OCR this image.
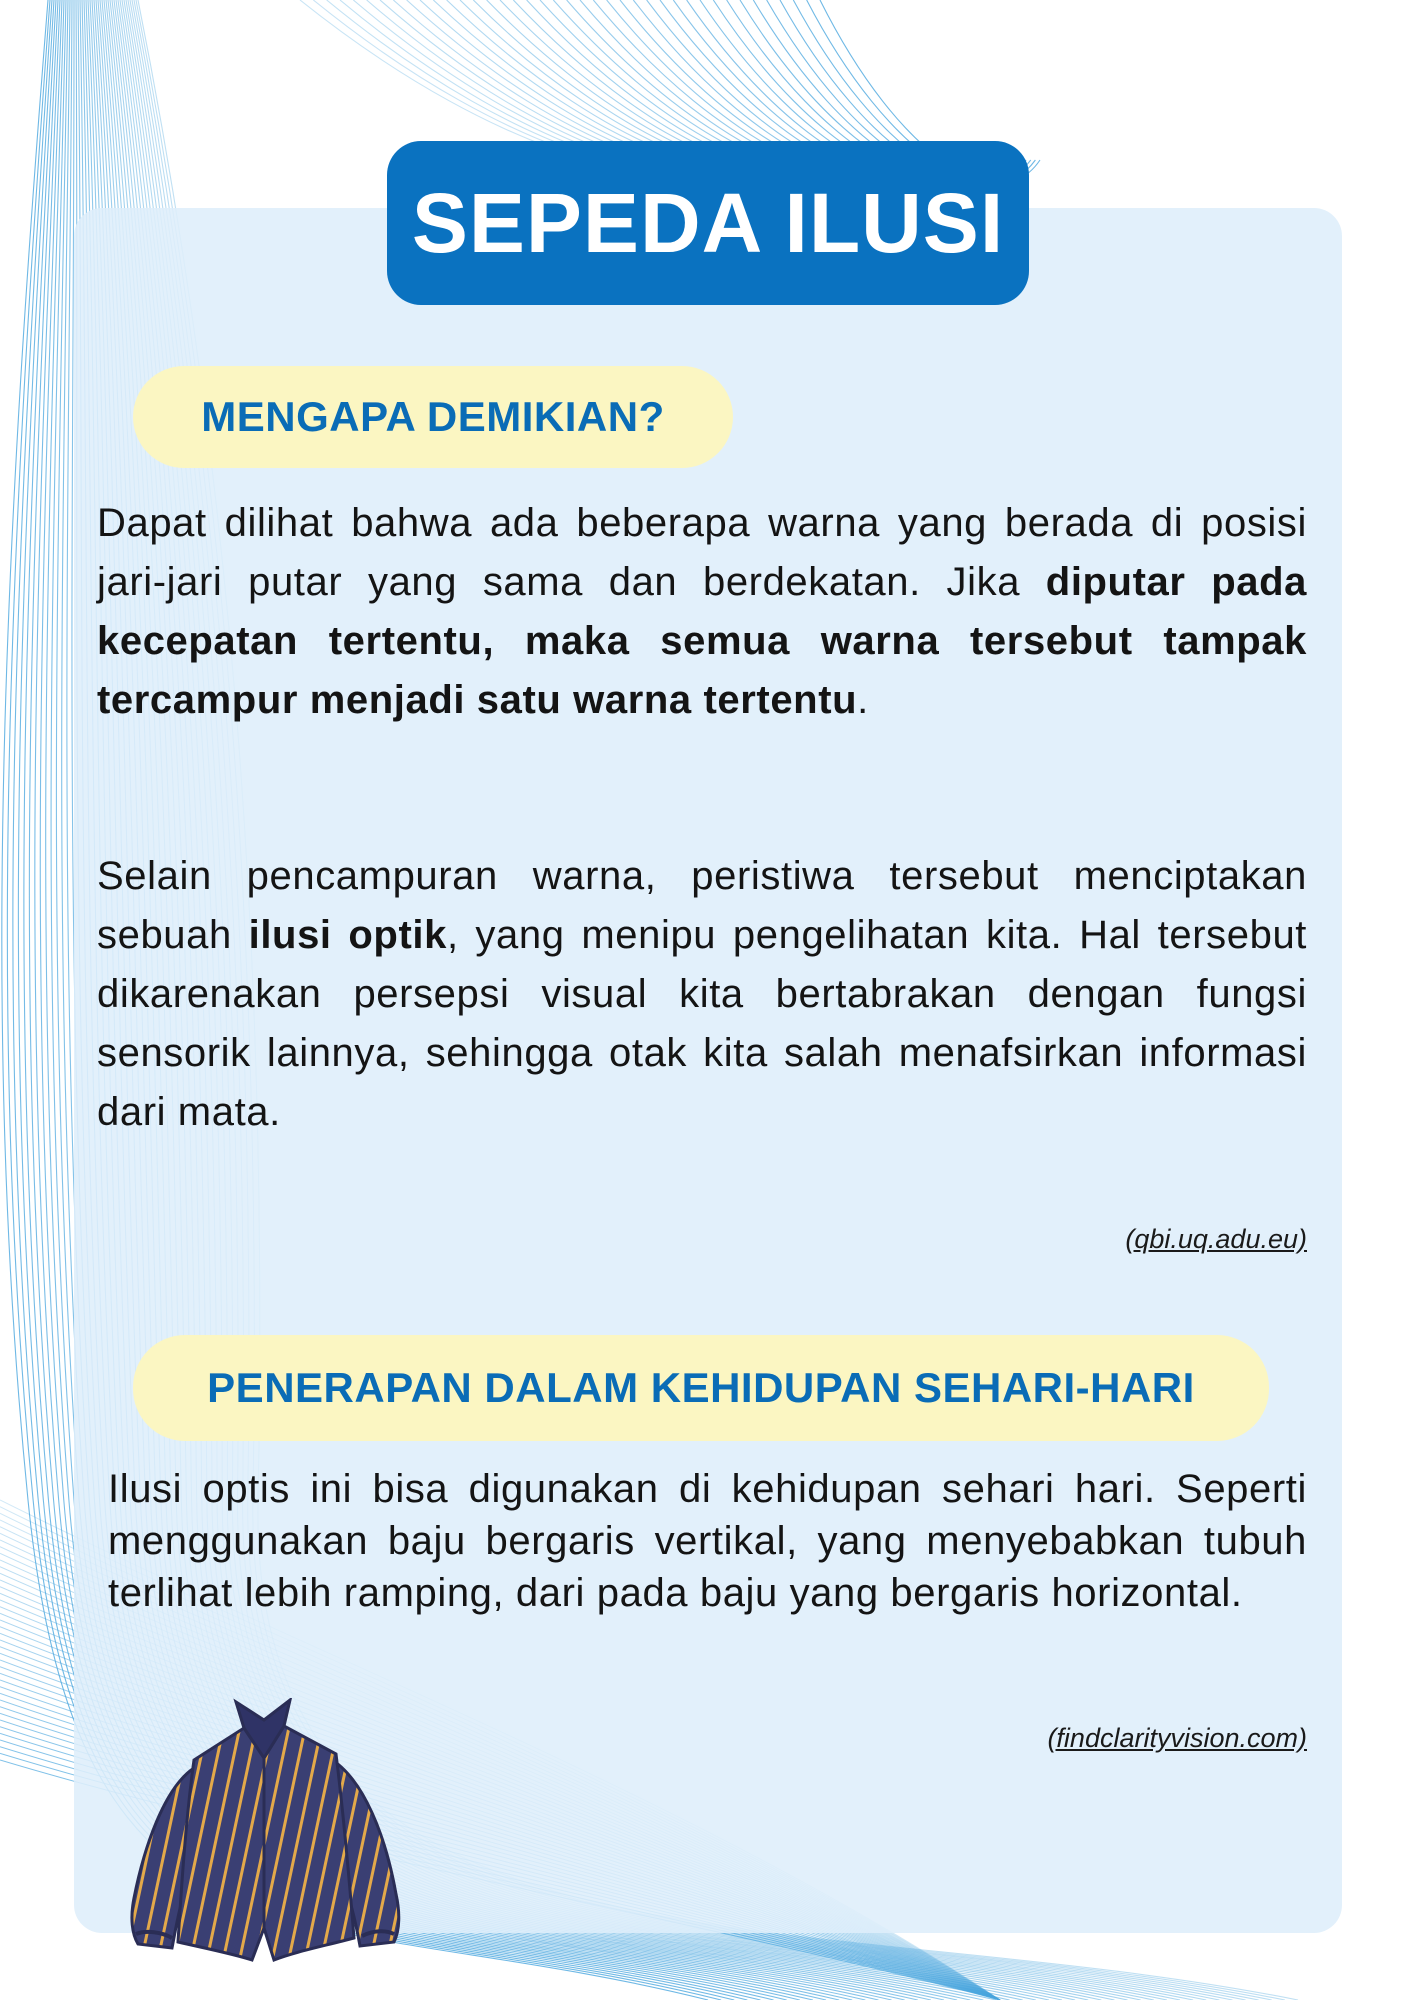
SEPEDA ILUSI
MENGAPA DEMIKIAN?

Dapat dilihat bahwa ada beberapa warna yang berada di posisi jari-jari putar yang sama dan berdekatan. Jika diputar pada kecepatan tertentu, maka semua warna tersebut tampak tercampur menjadi satu warna tertentu.

Selain pencampuran warna, peristiwa tersebut menciptakan sebuah ilusi optik, yang menipu pengelihatan kita. Hal tersebut dikarenakan persepsi visual kita bertabrakan dengan fungsi sensorik lainnya, sehingga otak kita salah menafsirkan informasi dari mata.

(qbi.uq.adu.eu)
PENERAPAN DALAM KEHIDUPAN SEHARI-HARI

Ilusi optis ini bisa digunakan di kehidupan sehari hari. Seperti menggunakan baju bergaris vertikal, yang menyebabkan tubuh terlihat lebih ramping, dari pada baju yang bergaris horizontal.

(findclarityvision.com)
